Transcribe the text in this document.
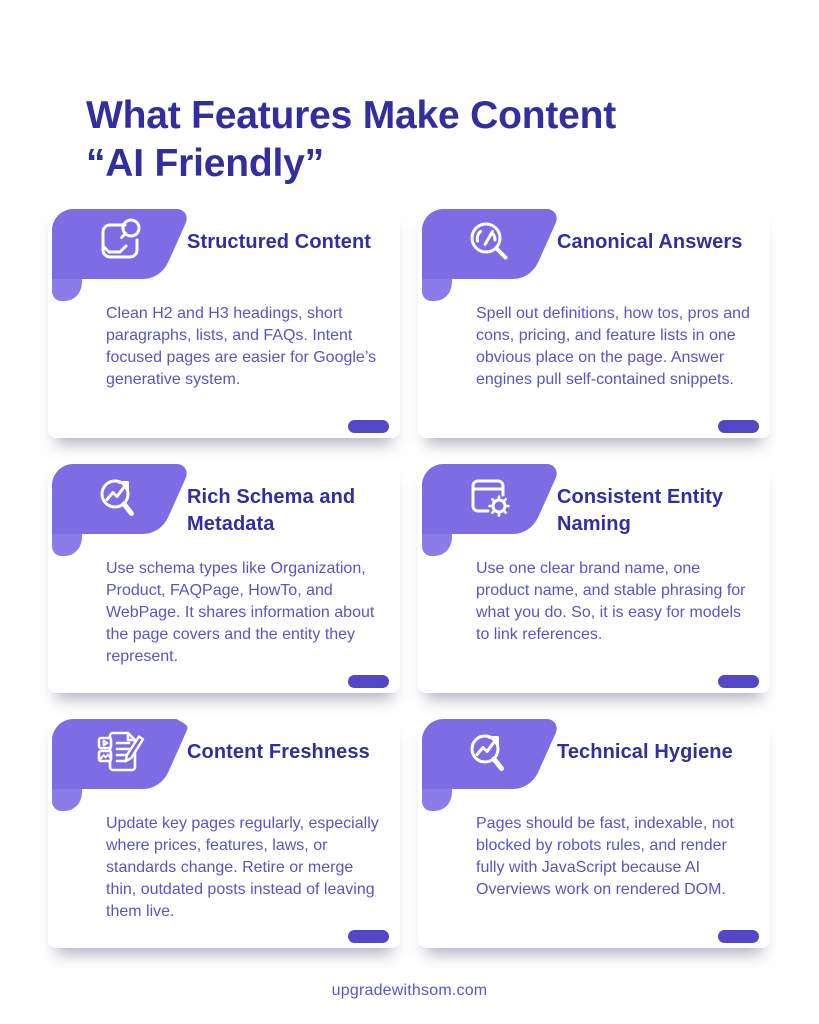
What Features Make Content
“AI Friendly”
Structured Content

Clean H2 and H3 headings, short paragraphs, lists, and FAQs. Intent focused pages are easier for Google’s generative system.

Canonical Answers

Spell out definitions, how tos, pros and cons, pricing, and feature lists in one obvious place on the page. Answer engines pull self-contained snippets.

Rich Schema and Metadata

Use schema types like Organization, Product, FAQPage, HowTo, and WebPage. It shares information about the page covers and the entity they represent.

Consistent Entity Naming

Use one clear brand name, one product name, and stable phrasing for what you do. So, it is easy for models to link references.

Content Freshness

Update key pages regularly, especially where prices, features, laws, or standards change. Retire or merge thin, outdated posts instead of leaving them live.

Technical Hygiene

Pages should be fast, indexable, not blocked by robots rules, and render fully with JavaScript because AI Overviews work on rendered DOM.

upgradewithsom.com
